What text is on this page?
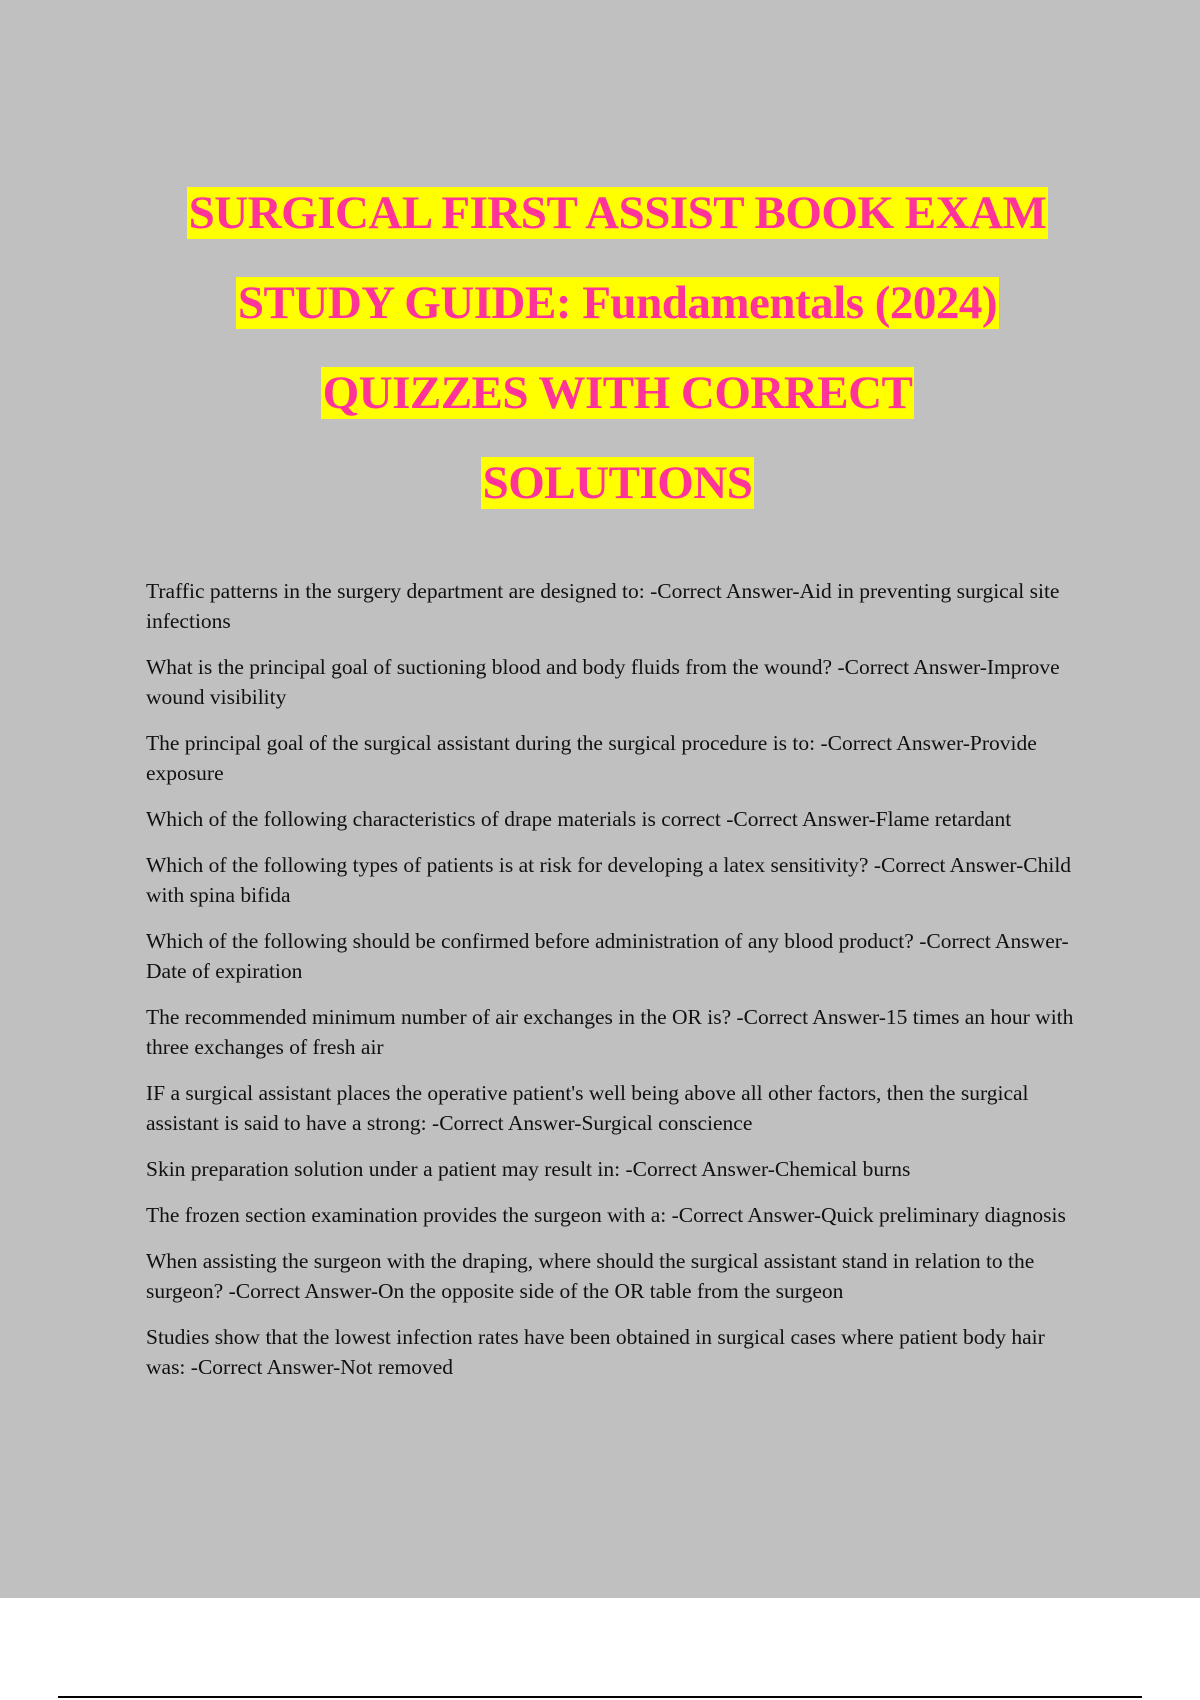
SURGICAL FIRST ASSIST BOOK EXAM
STUDY GUIDE: Fundamentals (2024)
QUIZZES WITH CORRECT
SOLUTIONS

Traffic patterns in the surgery department are designed to: -Correct Answer-Aid in preventing surgical site infections

What is the principal goal of suctioning blood and body fluids from the wound? -Correct Answer-Improve wound visibility

The principal goal of the surgical assistant during the surgical procedure is to: -Correct Answer-Provide exposure

Which of the following characteristics of drape materials is correct -Correct Answer-Flame retardant

Which of the following types of patients is at risk for developing a latex sensitivity? -Correct Answer-Child with spina bifida

Which of the following should be confirmed before administration of any blood product? -Correct Answer-Date of expiration

The recommended minimum number of air exchanges in the OR is? -Correct Answer-15 times an hour with three exchanges of fresh air

IF a surgical assistant places the operative patient's well being above all other factors, then the surgical assistant is said to have a strong: -Correct Answer-Surgical conscience

Skin preparation solution under a patient may result in: -Correct Answer-Chemical burns

The frozen section examination provides the surgeon with a: -Correct Answer-Quick preliminary diagnosis

When assisting the surgeon with the draping, where should the surgical assistant stand in relation to the surgeon? -Correct Answer-On the opposite side of the OR table from the surgeon

Studies show that the lowest infection rates have been obtained in surgical cases where patient body hair was: -Correct Answer-Not removed
